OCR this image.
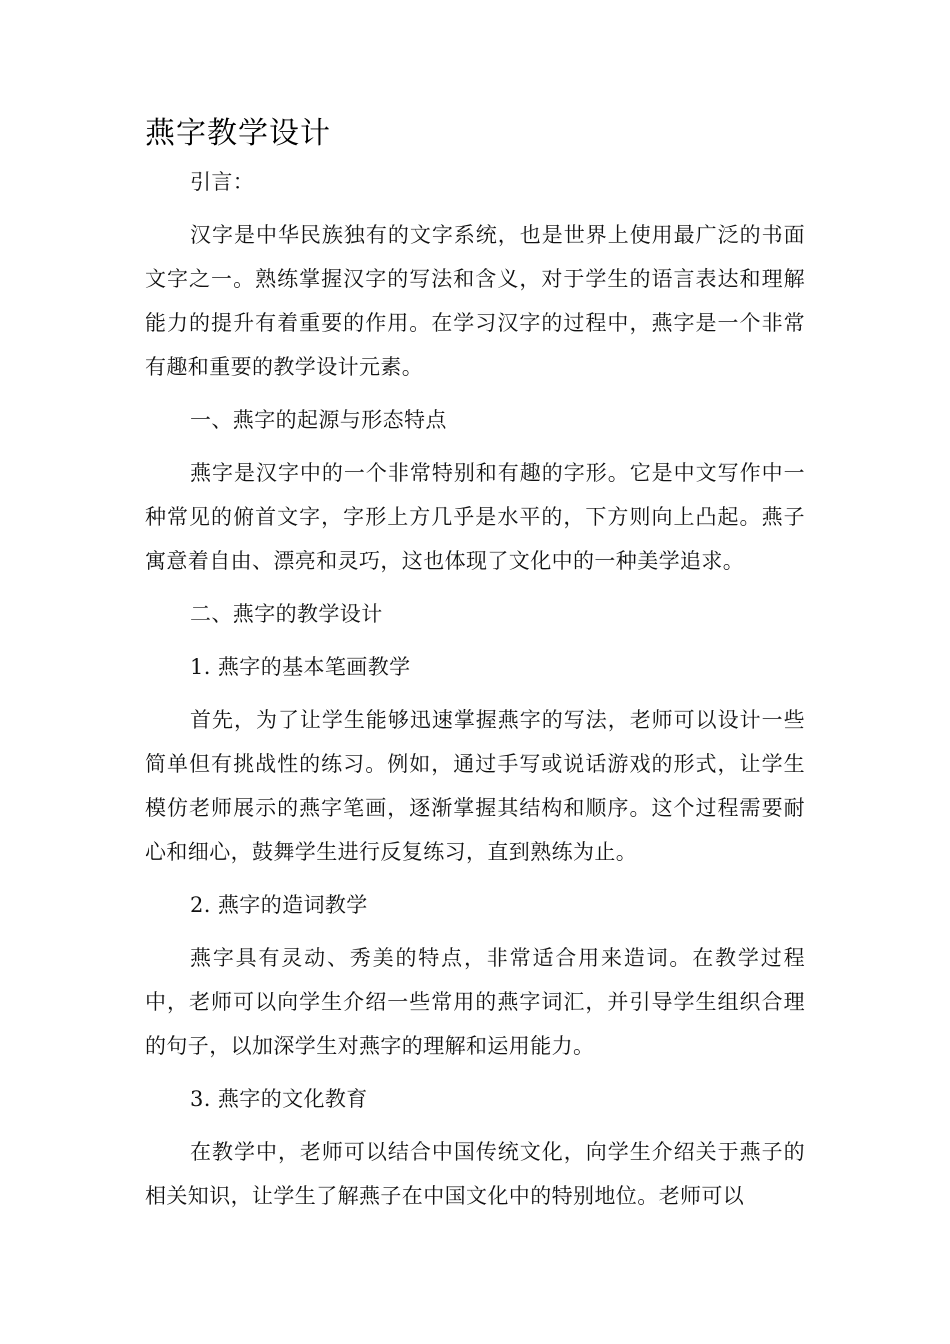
燕字教学设计

引言：

汉字是中华民族独有的文字系统，也是世界上使用最广泛的书面文字之一。熟练掌握汉字的写法和含义，对于学生的语言表达和理解能力的提升有着重要的作用。在学习汉字的过程中，燕字是一个非常有趣和重要的教学设计元素。

一、燕字的起源与形态特点

燕字是汉字中的一个非常特别和有趣的字形。它是中文写作中一种常见的俯首文字，字形上方几乎是水平的，下方则向上凸起。燕子寓意着自由、漂亮和灵巧，这也体现了文化中的一种美学追求。

二、燕字的教学设计

1. 燕字的基本笔画教学

首先，为了让学生能够迅速掌握燕字的写法，老师可以设计一些简单但有挑战性的练习。例如，通过手写或说话游戏的形式，让学生模仿老师展示的燕字笔画，逐渐掌握其结构和顺序。这个过程需要耐心和细心，鼓舞学生进行反复练习，直到熟练为止。

2. 燕字的造词教学

燕字具有灵动、秀美的特点，非常适合用来造词。在教学过程中，老师可以向学生介绍一些常用的燕字词汇，并引导学生组织合理的句子，以加深学生对燕字的理解和运用能力。

3. 燕字的文化教育

在教学中，老师可以结合中国传统文化，向学生介绍关于燕子的相关知识，让学生了解燕子在中国文化中的特别地位。老师可以
